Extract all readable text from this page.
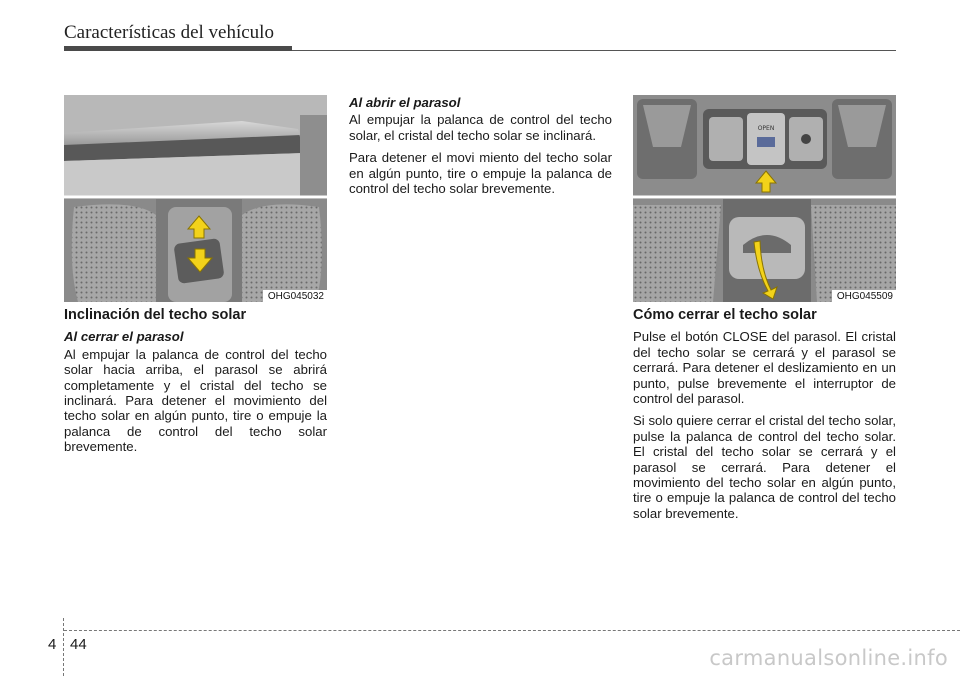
Características del vehículo
OHG045032
OPEN
OHG045509
Inclinación del techo solar
Al cerrar el parasol

Al empujar la palanca de control del techo solar hacia arriba, el parasol se abrirá completamente y el cristal del techo se inclinará. Para detener el movimiento del techo solar en algún punto, tire o empuje la palanca de control del techo solar brevemente.

Al abrir el parasol

Al empujar la palanca de control del techo solar, el cristal del techo solar se inclinará.

Para detener el movi miento del techo solar en algún punto, tire o empuje la palanca de control del techo solar brevemente.

Cómo cerrar el techo solar

Pulse el botón CLOSE del parasol. El cristal del techo solar se cerrará y el parasol se cerrará. Para detener el deslizamiento en un punto, pulse brevemente el interruptor de control del parasol.

Si solo quiere cerrar el cristal del techo solar, pulse la palanca de control del techo solar. El cristal del techo solar se cerrará y el parasol se cerrará. Para detener el movimiento del techo solar en algún punto, tire o empuje la palanca de control del techo solar brevemente.

4 44
carmanualsonline.info
